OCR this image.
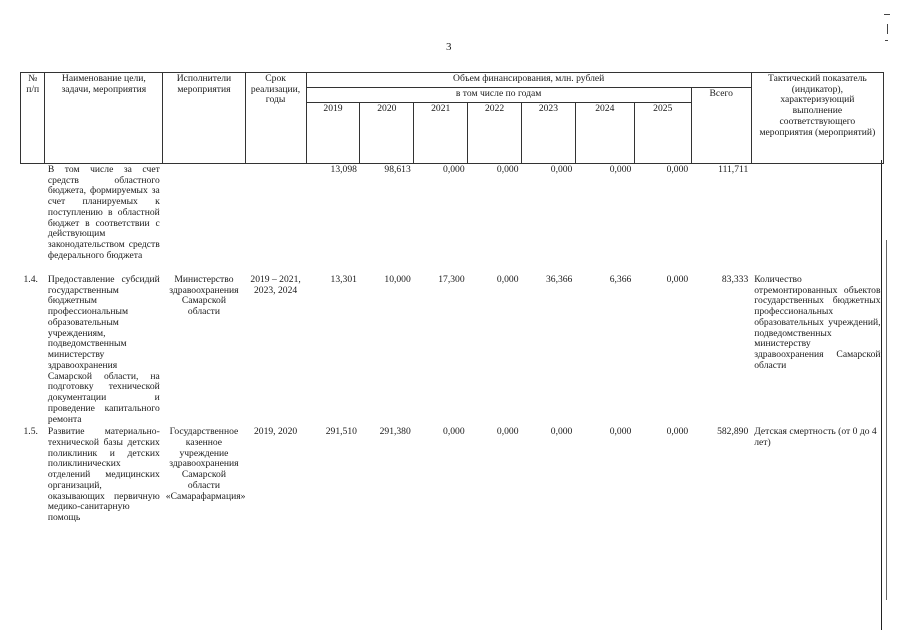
3
№ п/п	Наименование цели, задачи, мероприятия	Исполнители мероприятия	Срок реализации, годы	Объем финансирования, млн. рублей								Тактический показатель (индикатор), характеризующий выполнение соответствующего мероприятия (мероприятий)
				в том числе по годам							Всего	
				2019	2020	2021	2022	2023	2024	2025		
	В том числе за счет средств областного бюджета, формируемых за счет планируемых к поступлению в областной бюджет в соответствии с действующим законодательством средств федерального бюджета			13,098	98,613	0,000	0,000	0,000	0,000	0,000	111,711	
1.4.	Предоставление субсидий государственным бюджетным профессиональным образовательным учреждениям, подведомственным министерству здравоохранения Самарской области, на подготовку технической документации и проведение капитального ремонта	Министерство здравоохранения Самарской области	2019 – 2021, 2023, 2024	13,301	10,000	17,300	0,000	36,366	6,366	0,000	83,333	Количество отремонтированных объектов государственных бюджетных профессиональных образовательных учреждений, подведомственных министерству здравоохранения Самарской области
1.5.	Развитие материально-технической базы детских поликлиник и детских поликлинических отделений медицинских организаций, оказывающих первичную медико-санитарную помощь	Государственное казенное учреждение здравоохранения Самарской области «Самарафармация»	2019, 2020	291,510	291,380	0,000	0,000	0,000	0,000	0,000	582,890	Детская смертность (от 0 до 4 лет)
